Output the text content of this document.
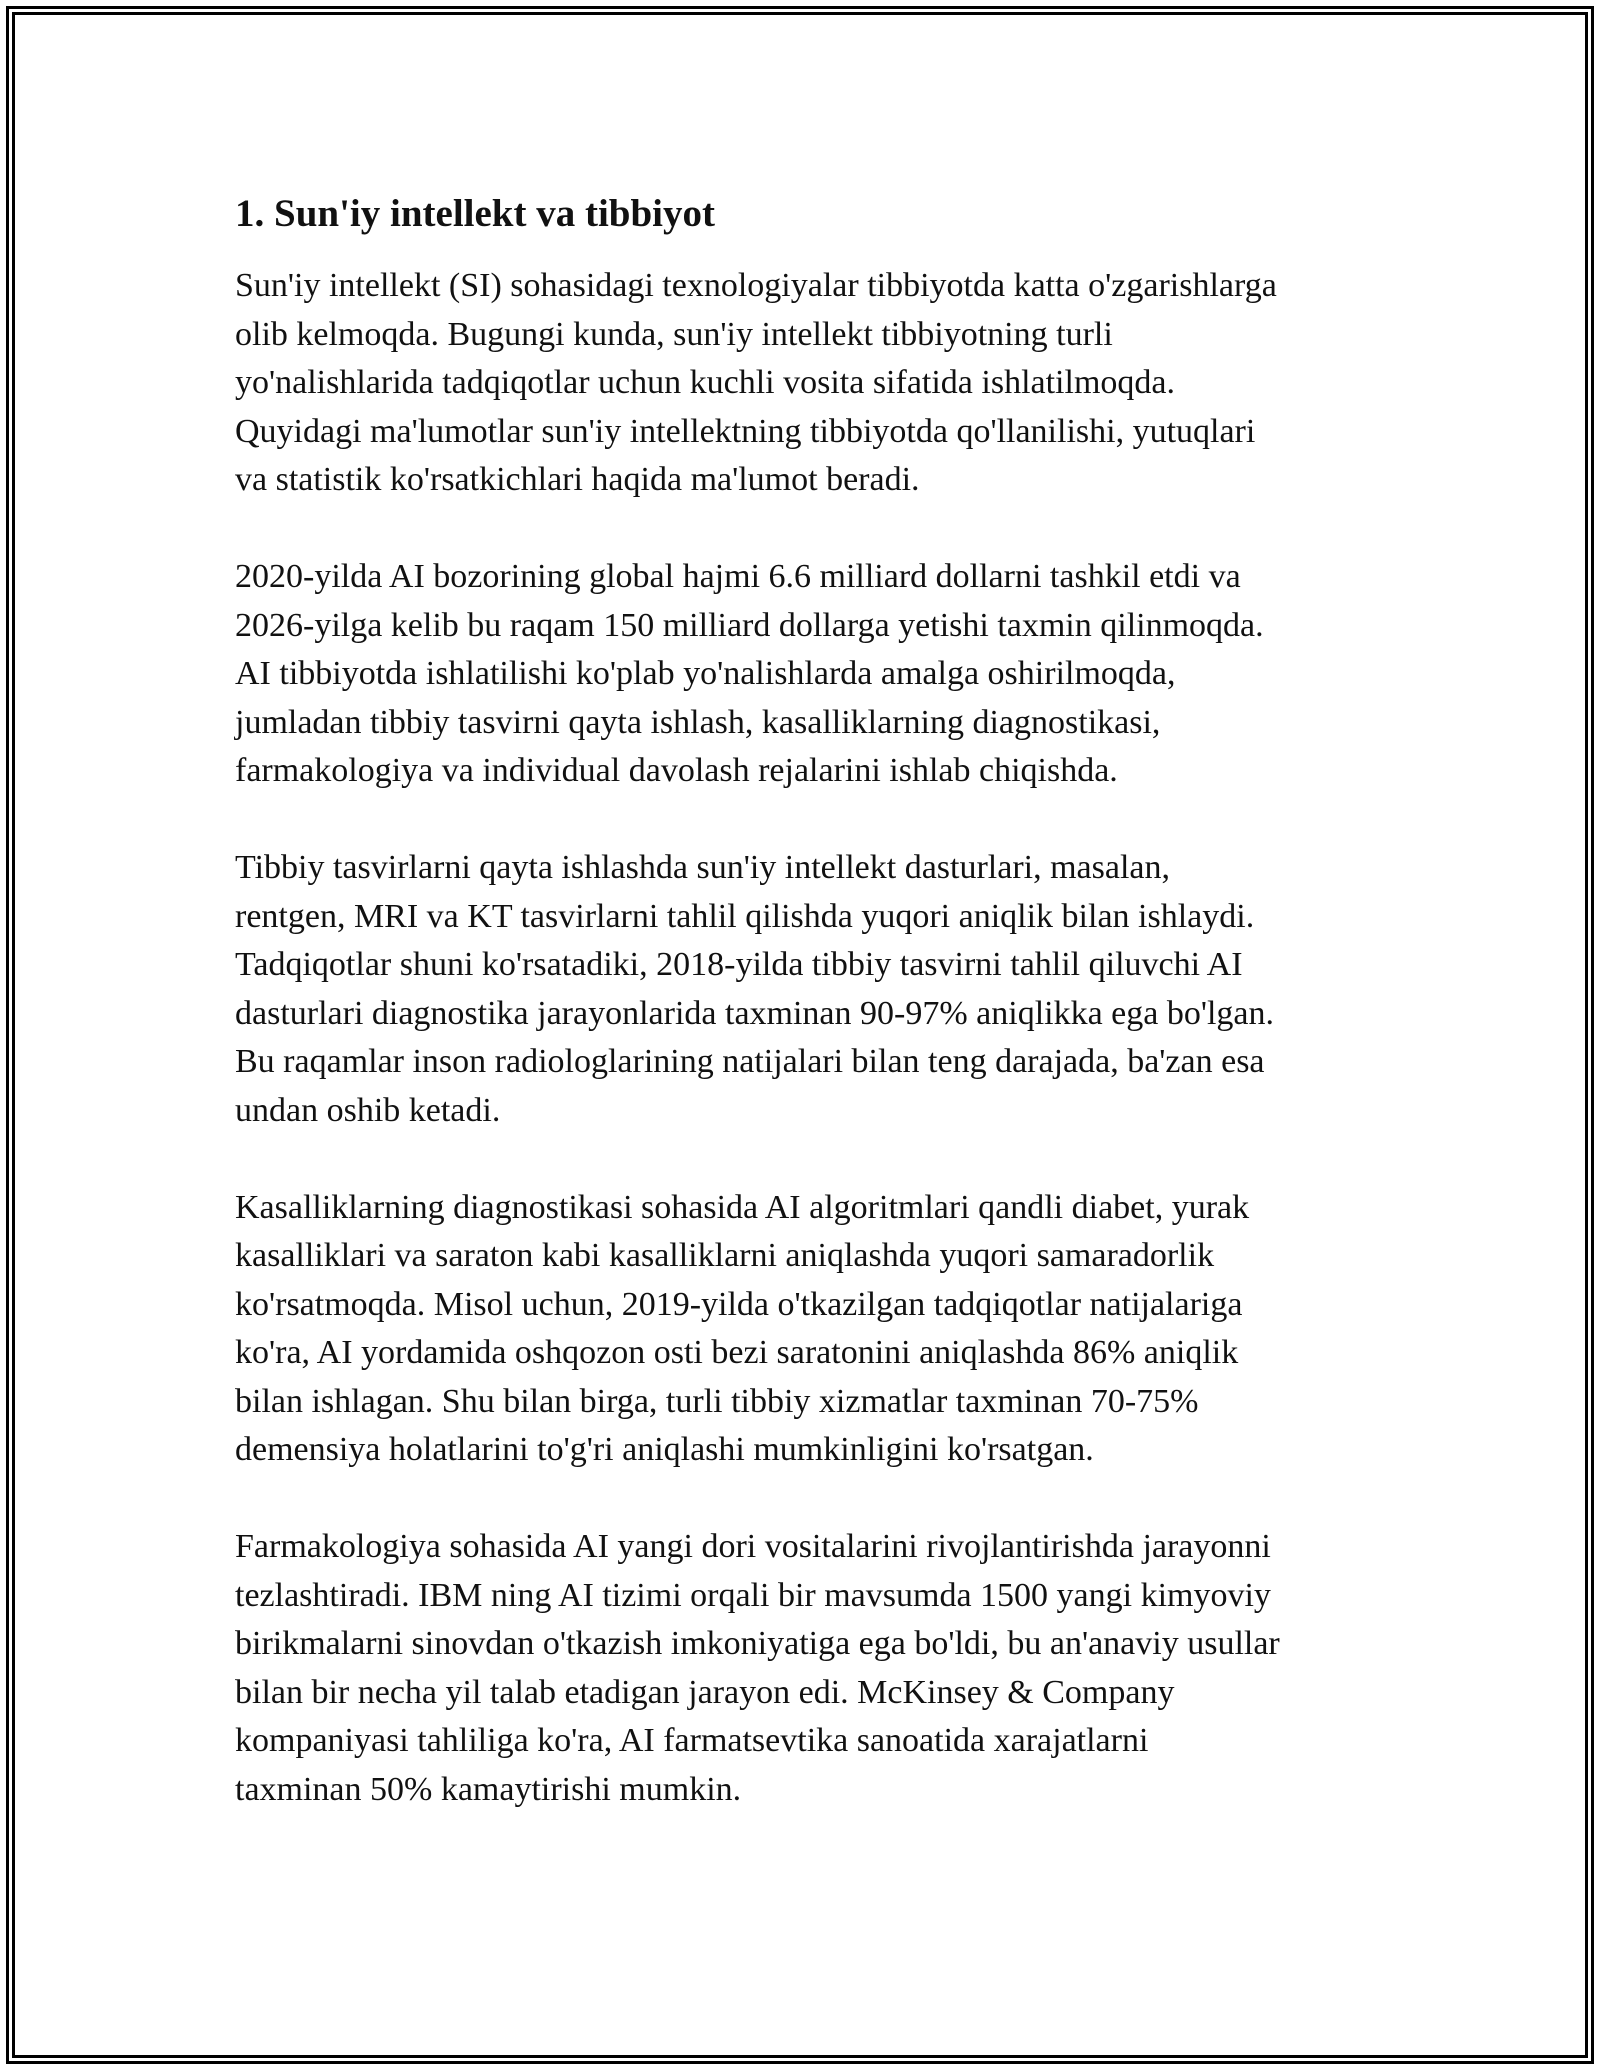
1. Sun'iy intellekt va tibbiyot

Sun'iy intellekt (SI) sohasidagi texnologiyalar tibbiyotda katta o'zgarishlarga
olib kelmoqda. Bugungi kunda, sun'iy intellekt tibbiyotning turli
yo'nalishlarida tadqiqotlar uchun kuchli vosita sifatida ishlatilmoqda.
Quyidagi ma'lumotlar sun'iy intellektning tibbiyotda qo'llanilishi, yutuqlari
va statistik ko'rsatkichlari haqida ma'lumot beradi.

2020-yilda AI bozorining global hajmi 6.6 milliard dollarni tashkil etdi va
2026-yilga kelib bu raqam 150 milliard dollarga yetishi taxmin qilinmoqda.
AI tibbiyotda ishlatilishi ko'plab yo'nalishlarda amalga oshirilmoqda,
jumladan tibbiy tasvirni qayta ishlash, kasalliklarning diagnostikasi,
farmakologiya va individual davolash rejalarini ishlab chiqishda.

Tibbiy tasvirlarni qayta ishlashda sun'iy intellekt dasturlari, masalan,
rentgen, MRI va KT tasvirlarni tahlil qilishda yuqori aniqlik bilan ishlaydi.
Tadqiqotlar shuni ko'rsatadiki, 2018-yilda tibbiy tasvirni tahlil qiluvchi AI
dasturlari diagnostika jarayonlarida taxminan 90-97% aniqlikka ega bo'lgan.
Bu raqamlar inson radiologlarining natijalari bilan teng darajada, ba'zan esa
undan oshib ketadi.

Kasalliklarning diagnostikasi sohasida AI algoritmlari qandli diabet, yurak
kasalliklari va saraton kabi kasalliklarni aniqlashda yuqori samaradorlik
ko'rsatmoqda. Misol uchun, 2019-yilda o'tkazilgan tadqiqotlar natijalariga
ko'ra, AI yordamida oshqozon osti bezi saratonini aniqlashda 86% aniqlik
bilan ishlagan. Shu bilan birga, turli tibbiy xizmatlar taxminan 70-75%
demensiya holatlarini to'g'ri aniqlashi mumkinligini ko'rsatgan.

Farmakologiya sohasida AI yangi dori vositalarini rivojlantirishda jarayonni
tezlashtiradi. IBM ning AI tizimi orqali bir mavsumda 1500 yangi kimyoviy
birikmalarni sinovdan o'tkazish imkoniyatiga ega bo'ldi, bu an'anaviy usullar
bilan bir necha yil talab etadigan jarayon edi. McKinsey & Company
kompaniyasi tahliliga ko'ra, AI farmatsevtika sanoatida xarajatlarni
taxminan 50% kamaytirishi mumkin.
